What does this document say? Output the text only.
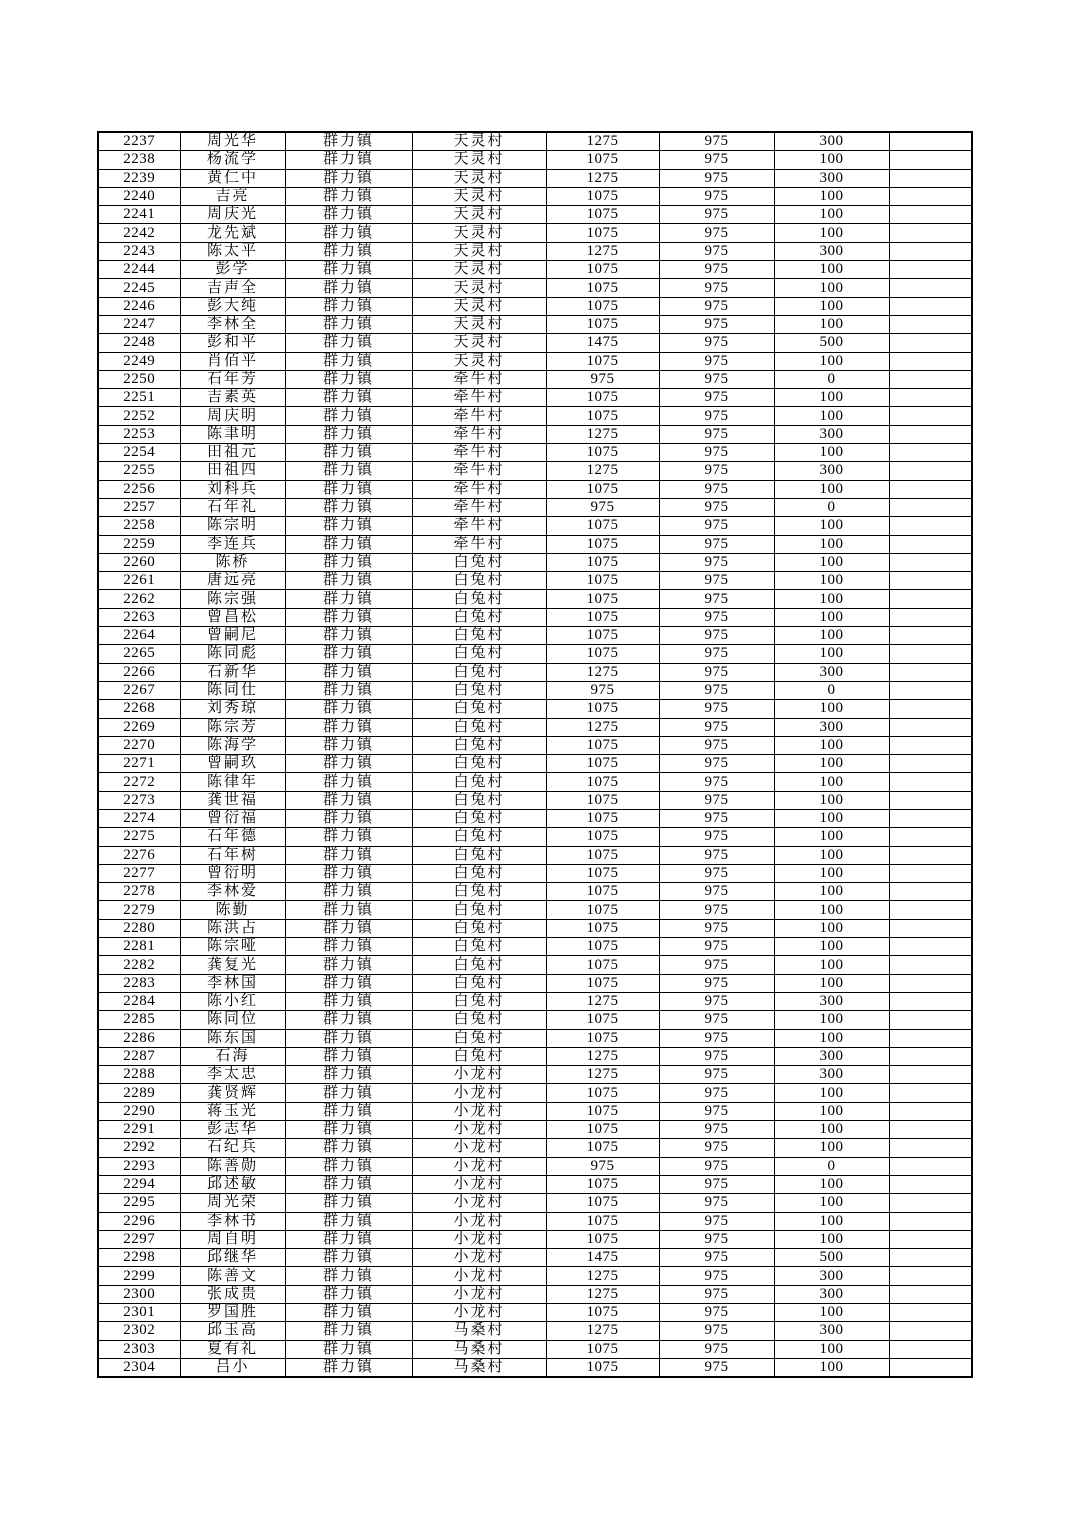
2237	周光华	群力镇	天灵村	1275	975	300	
2238	杨流学	群力镇	天灵村	1075	975	100	
2239	黄仁中	群力镇	天灵村	1275	975	300	
2240	吉亮	群力镇	天灵村	1075	975	100	
2241	周庆光	群力镇	天灵村	1075	975	100	
2242	龙先斌	群力镇	天灵村	1075	975	100	
2243	陈太平	群力镇	天灵村	1275	975	300	
2244	彭学	群力镇	天灵村	1075	975	100	
2245	吉声全	群力镇	天灵村	1075	975	100	
2246	彭大纯	群力镇	天灵村	1075	975	100	
2247	李林全	群力镇	天灵村	1075	975	100	
2248	彭和平	群力镇	天灵村	1475	975	500	
2249	肖佰平	群力镇	天灵村	1075	975	100	
2250	石年芳	群力镇	牵牛村	975	975	0	
2251	吉素英	群力镇	牵牛村	1075	975	100	
2252	周庆明	群力镇	牵牛村	1075	975	100	
2253	陈聿明	群力镇	牵牛村	1275	975	300	
2254	田祖元	群力镇	牵牛村	1075	975	100	
2255	田祖四	群力镇	牵牛村	1275	975	300	
2256	刘科兵	群力镇	牵牛村	1075	975	100	
2257	石年礼	群力镇	牵牛村	975	975	0	
2258	陈宗明	群力镇	牵牛村	1075	975	100	
2259	李连兵	群力镇	牵牛村	1075	975	100	
2260	陈桥	群力镇	白兔村	1075	975	100	
2261	唐远亮	群力镇	白兔村	1075	975	100	
2262	陈宗强	群力镇	白兔村	1075	975	100	
2263	曾昌松	群力镇	白兔村	1075	975	100	
2264	曾嗣尼	群力镇	白兔村	1075	975	100	
2265	陈同彪	群力镇	白兔村	1075	975	100	
2266	石新华	群力镇	白兔村	1275	975	300	
2267	陈同仕	群力镇	白兔村	975	975	0	
2268	刘秀琼	群力镇	白兔村	1075	975	100	
2269	陈宗芳	群力镇	白兔村	1275	975	300	
2270	陈海学	群力镇	白兔村	1075	975	100	
2271	曾嗣玖	群力镇	白兔村	1075	975	100	
2272	陈律年	群力镇	白兔村	1075	975	100	
2273	龚世福	群力镇	白兔村	1075	975	100	
2274	曾衍福	群力镇	白兔村	1075	975	100	
2275	石年德	群力镇	白兔村	1075	975	100	
2276	石年树	群力镇	白兔村	1075	975	100	
2277	曾衍明	群力镇	白兔村	1075	975	100	
2278	李林爱	群力镇	白兔村	1075	975	100	
2279	陈勤	群力镇	白兔村	1075	975	100	
2280	陈洪占	群力镇	白兔村	1075	975	100	
2281	陈宗哑	群力镇	白兔村	1075	975	100	
2282	龚复光	群力镇	白兔村	1075	975	100	
2283	李林国	群力镇	白兔村	1075	975	100	
2284	陈小红	群力镇	白兔村	1275	975	300	
2285	陈同位	群力镇	白兔村	1075	975	100	
2286	陈东国	群力镇	白兔村	1075	975	100	
2287	石海	群力镇	白兔村	1275	975	300	
2288	李太忠	群力镇	小龙村	1275	975	300	
2289	龚贤辉	群力镇	小龙村	1075	975	100	
2290	蒋玉光	群力镇	小龙村	1075	975	100	
2291	彭志华	群力镇	小龙村	1075	975	100	
2292	石纪兵	群力镇	小龙村	1075	975	100	
2293	陈善勋	群力镇	小龙村	975	975	0	
2294	邱述敏	群力镇	小龙村	1075	975	100	
2295	周光荣	群力镇	小龙村	1075	975	100	
2296	李林书	群力镇	小龙村	1075	975	100	
2297	周自明	群力镇	小龙村	1075	975	100	
2298	邱继华	群力镇	小龙村	1475	975	500	
2299	陈善文	群力镇	小龙村	1275	975	300	
2300	张成贵	群力镇	小龙村	1275	975	300	
2301	罗国胜	群力镇	小龙村	1075	975	100	
2302	邱玉高	群力镇	马桑村	1275	975	300	
2303	夏有礼	群力镇	马桑村	1075	975	100	
2304	吕小	群力镇	马桑村	1075	975	100	
